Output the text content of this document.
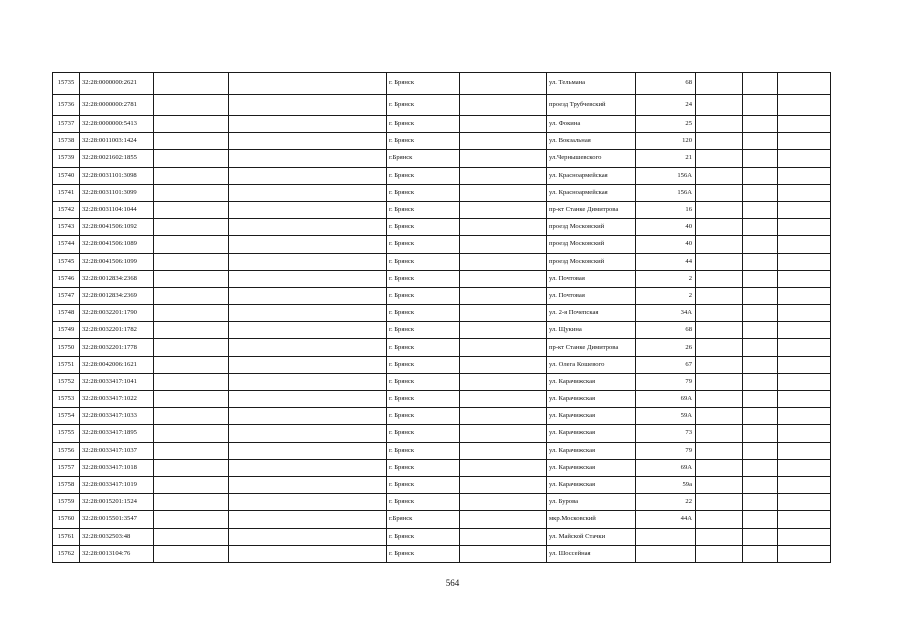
15735	32:28:0000000:2621			г. Брянск		ул. Тельмана	68			
15736	32:28:0000000:2781			г. Брянск		проезд Трубчевский	24			
15737	32:28:0000000:5413			г. Брянск		ул. Фокина	25			
15738	32:28:0011003:1424			г. Брянск		ул. Вокзальная	120			
15739	32:28:0021602:1855			г.Брянск		ул.Чернышевского	21			
15740	32:28:0031101:3098			г. Брянск		ул. Красноармейская	156А			
15741	32:28:0031101:3099			г. Брянск		ул. Красноармейская	156А			
15742	32:28:0031104:1044			г. Брянск		пр-кт Станке Димитрова	16			
15743	32:28:0041506:1092			г. Брянск		проезд Московский	40			
15744	32:28:0041506:1089			г. Брянск		проезд Московский	40			
15745	32:28:0041506:1099			г. Брянск		проезд Московский	44			
15746	32:28:0012834:2368			г. Брянск		ул. Почтовая	2			
15747	32:28:0012834:2369			г. Брянск		ул. Почтовая	2			
15748	32:28:0032201:1790			г. Брянск		ул. 2-я Почепская	34А			
15749	32:28:0032201:1782			г. Брянск		ул. Щукина	68			
15750	32:28:0032201:1778			г. Брянск		пр-кт Станке Димитрова	26			
15751	32:28:0042006:1621			г. Брянск		ул. Олега Кошевого	67			
15752	32:28:0033417:1041			г. Брянск		ул. Карачижская	79			
15753	32:28:0033417:1022			г. Брянск		ул. Карачижская	69А			
15754	32:28:0033417:1033			г. Брянск		ул. Карачижская	59А			
15755	32:28:0033417:1895			г. Брянск		ул. Карачижская	73			
15756	32:28:0033417:1037			г. Брянск		ул. Карачижская	79			
15757	32:28:0033417:1018			г. Брянск		ул. Карачижская	69А			
15758	32:28:0033417:1019			г. Брянск		ул. Карачижская	59а			
15759	32:28:0015201:1524			г. Брянск		ул. Бурова	22			
15760	32:28:0015501:3547			г.Брянск		мкр.Московский	44А			
15761	32:28:0032503:48			г. Брянск		ул. Майской Стачки				
15762	32:28:0013104:76			г. Брянск		ул. Шоссейная				
564
